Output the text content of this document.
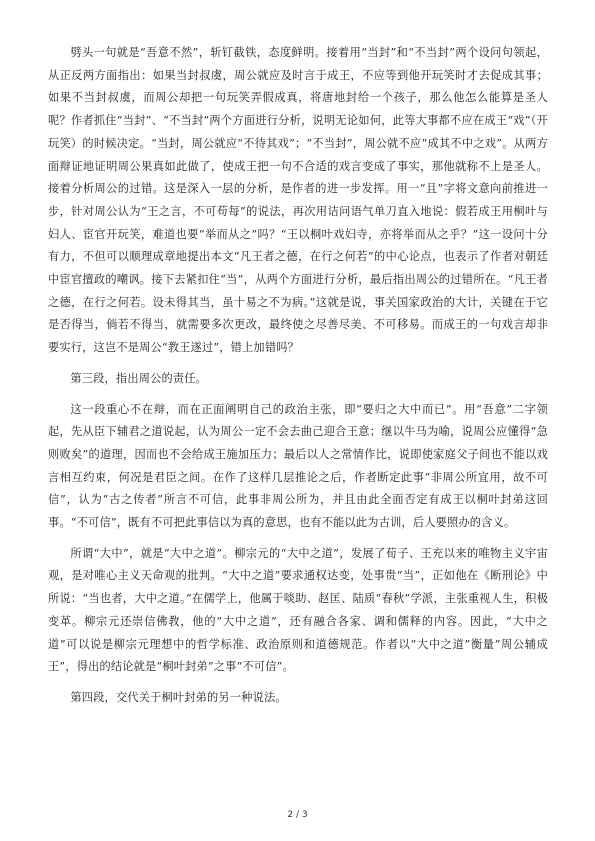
劈头一句就是“吾意不然”，斩钉截铁，态度鲜明。接着用“当封”和“不当封”两个设问句领起，从正反两方面指出：如果当封叔虞，周公就应及时言于成王，不应等到他开玩笑时才去促成其事；如果不当封叔虞，而周公却把一句玩笑弄假成真，将唐地封给一个孩子，那么他怎么能算是圣人呢？作者抓住“当封”、“不当封”两个方面进行分析，说明无论如何，此等大事都不应在成王“戏”（开玩笑）的时候决定。“当封，周公就应“不待其戏”；“不当封”，周公就不应“成其不中之戏”。从两方面辩证地证明周公果真如此做了，使成王把一句不合适的戏言变成了事实，那他就称不上是圣人。接着分析周公的过错。这是深入一层的分析，是作者的进一步发挥。用一“且”字将文意向前推进一步，针对周公认为“王之言，不可苟每”的说法，再次用诘问语气单刀直入地说：假若成王用桐叶与妇人、宦官开玩笑，难道也要“举而从之”吗？“王以桐叶戏妇寺，亦将举而从之乎？”这一设问十分有力，不但可以顺理成章地提出本文“凡王者之德，在行之何若”的中心论点，也表示了作者对朝廷中宦官擅政的嘲讽。接下去紧扣住“当”，从两个方面进行分析，最后指出周公的过错所在。“凡王者之德，在行之何若。设未得其当，虽十易之不为病。”这就是说，事关国家政治的大计，关键在于它是否得当，倘若不得当，就需要多次更改，最终使之尽善尽美、不可移易。而成王的一句戏言却非要实行，这岂不是周公“教王遂过”，错上加错吗？

第三段，指出周公的责任。

这一段重心不在辩，而在正面阐明自己的政治主张，即“要归之大中而已”。用“吾意”二字领起，先从臣下辅君之道说起，认为周公一定不会去曲己迎合王意；继以牛马为喻，说周公应懂得“急则败矣”的道理，因而也不会给成王施加压力；最后以人之常情作比，说即使家庭父子间也不能以戏言相互约束，何况是君臣之间。在作了这样几层推论之后，作者断定此事“非周公所宜用，故不可信”，认为“古之传者”所言不可信，此事非周公所为，并且由此全面否定有成王以桐叶封弟这回事。“不可信”，既有不可把此事信以为真的意思，也有不能以此为古训，后人要照办的含义。

所谓“大中”，就是“大中之道”。柳宗元的“大中之道”，发展了荀子、王充以来的唯物主义宇宙观，是对唯心主义天命观的批判。“大中之道”要求通权达变，处事贵“当”，正如他在《断刑论》中所说：“当也者，大中之道。”在儒学上，他属于啖助、赵匡、陆质“春秋”学派，主张重视人生，积极变革。柳宗元还崇信佛教，他的“大中之道”，还有融合各家、调和儒释的内容。因此，“大中之道”可以说是柳宗元理想中的哲学标准、政治原则和道德规范。作者以“大中之道”衡量“周公辅成王”，得出的结论就是“桐叶封弟”之事“不可信”。

第四段，交代关于桐叶封弟的另一种说法。

2 / 3
